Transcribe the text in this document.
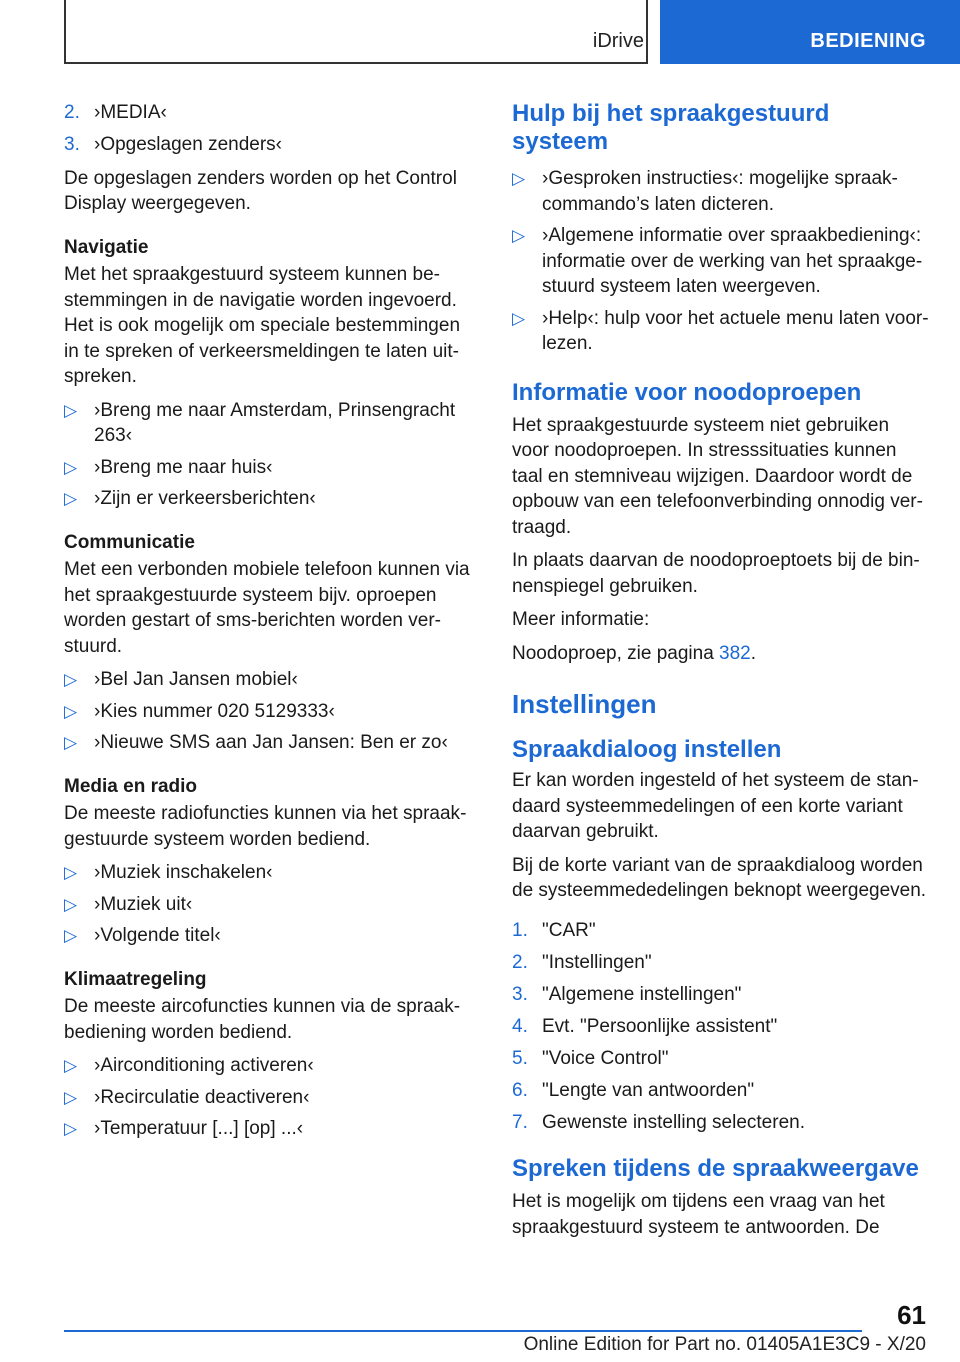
iDrive	BEDIENING
2. ›MEDIA‹
3. ›Opgeslagen zenders‹

De opgeslagen zenders worden op het Control Display weergegeven.

Navigatie

Met het spraakgestuurd systeem kunnen bestemmingen in de navigatie worden ingevoerd. Het is ook mogelijk om speciale bestemmingen in te spreken of verkeersmeldingen te laten uitspreken.

▷ ›Breng me naar Amsterdam, Prinsengracht 263‹
▷ ›Breng me naar huis‹
▷ ›Zijn er verkeersberichten‹
Communicatie

Met een verbonden mobiele telefoon kunnen via het spraakgestuurde systeem bijv. oproepen worden gestart of sms-berichten worden verstuurd.

▷ ›Bel Jan Jansen mobiel‹
▷ ›Kies nummer 020 5129333‹
▷ ›Nieuwe SMS aan Jan Jansen: Ben er zo‹
Media en radio

De meeste radiofuncties kunnen via het spraakgestuurde systeem worden bediend.

▷ ›Muziek inschakelen‹
▷ ›Muziek uit‹
▷ ›Volgende titel‹
Klimaatregeling

De meeste aircofuncties kunnen via de spraakbediening worden bediend.

▷ ›Airconditioning activeren‹
▷ ›Recirculatie deactiveren‹
▷ ›Temperatuur [...] [op] ...‹
Hulp bij het spraakgestuurd systeem
▷ ›Gesproken instructies‹: mogelijke spraakcommando’s laten dicteren.
▷ ›Algemene informatie over spraakbediening‹: informatie over de werking van het spraakgestuurd systeem laten weergeven.
▷ ›Help‹: hulp voor het actuele menu laten voorlezen.
Informatie voor noodoproepen

Het spraakgestuurde systeem niet gebruiken voor noodoproepen. In stresssituaties kunnen taal en stemniveau wijzigen. Daardoor wordt de opbouw van een telefoonverbinding onnodig vertraagd.

In plaats daarvan de noodoproeptoets bij de binnenspiegel gebruiken.

Meer informatie:

Noodoproep, zie pagina 382.

Instellingen
Spraakdialoog instellen

Er kan worden ingesteld of het systeem de standaard systeemmedelingen of een korte variant daarvan gebruikt.

Bij de korte variant van de spraakdialoog worden de systeemmededelingen beknopt weergegeven.

1. "CAR"
2. "Instellingen"
3. "Algemene instellingen"
4. Evt. "Persoonlijke assistent"
5. "Voice Control"
6. "Lengte van antwoorden"
7. Gewenste instelling selecteren.
Spreken tijdens de spraakweergave

Het is mogelijk om tijdens een vraag van het spraakgestuurd systeem te antwoorden. De

61
Online Edition for Part no. 01405A1E3C9 - X/20
